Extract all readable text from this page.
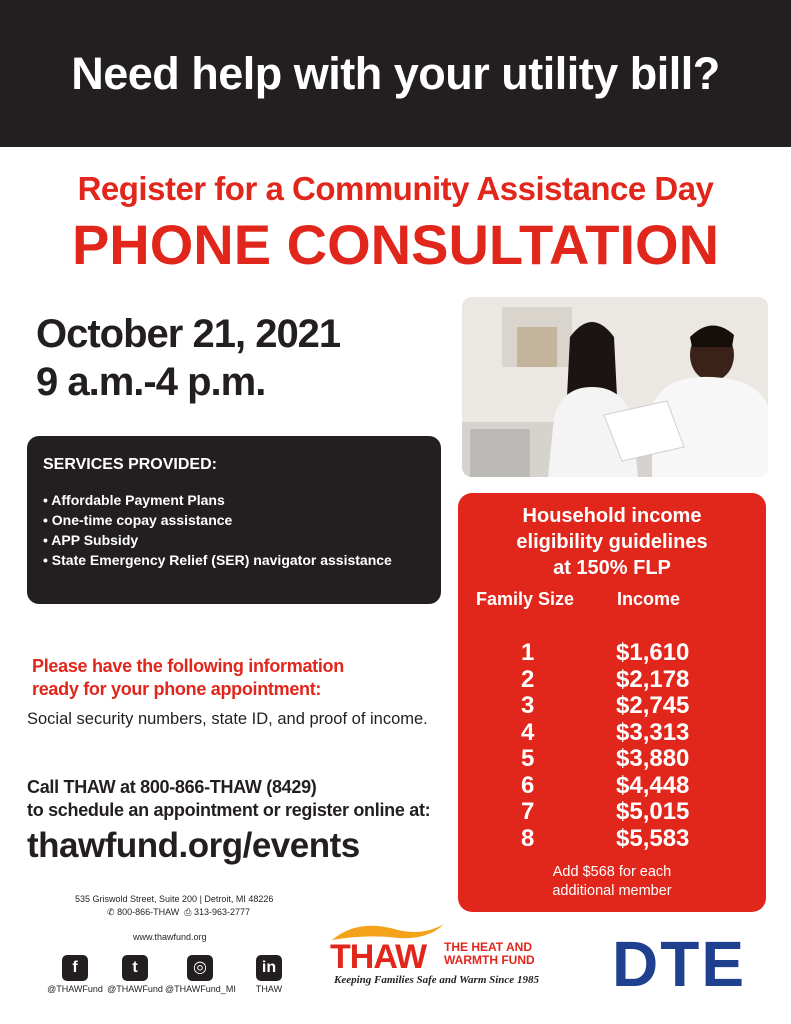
Need help with your utility bill?
Register for a Community Assistance Day
PHONE CONSULTATION
October 21, 2021
9 a.m.-4 p.m.
SERVICES PROVIDED:
• Affordable Payment Plans
• One-time copay assistance
• APP Subsidy
• State Emergency Relief (SER) navigator assistance
Please have the following information
ready for your phone appointment:
Social security numbers, state ID, and proof of income.
Call THAW at 800-866-THAW (8429)
to schedule an appointment or register online at:
thawfund.org/events
Household income
eligibility guidelines
at 150% FLP
Family Size Income
1	$1,610
2	$2,178
3	$2,745
4	$3,313
5	$3,880
6	$4,448
7	$5,015
8	$5,583
Add $568 for each
additional member
535 Griswold Street, Suite 200 | Detroit, MI 48226
✆ 800-866-THAW ⎙ 313-963-2777
www.thawfund.org
f
@THAWFund
t
@THAWFund
◎
@THAWFund_MI
in
THAW
THAW THE HEAT AND
WARMTH FUND
Keeping Families Safe and Warm Since 1985 DTE
